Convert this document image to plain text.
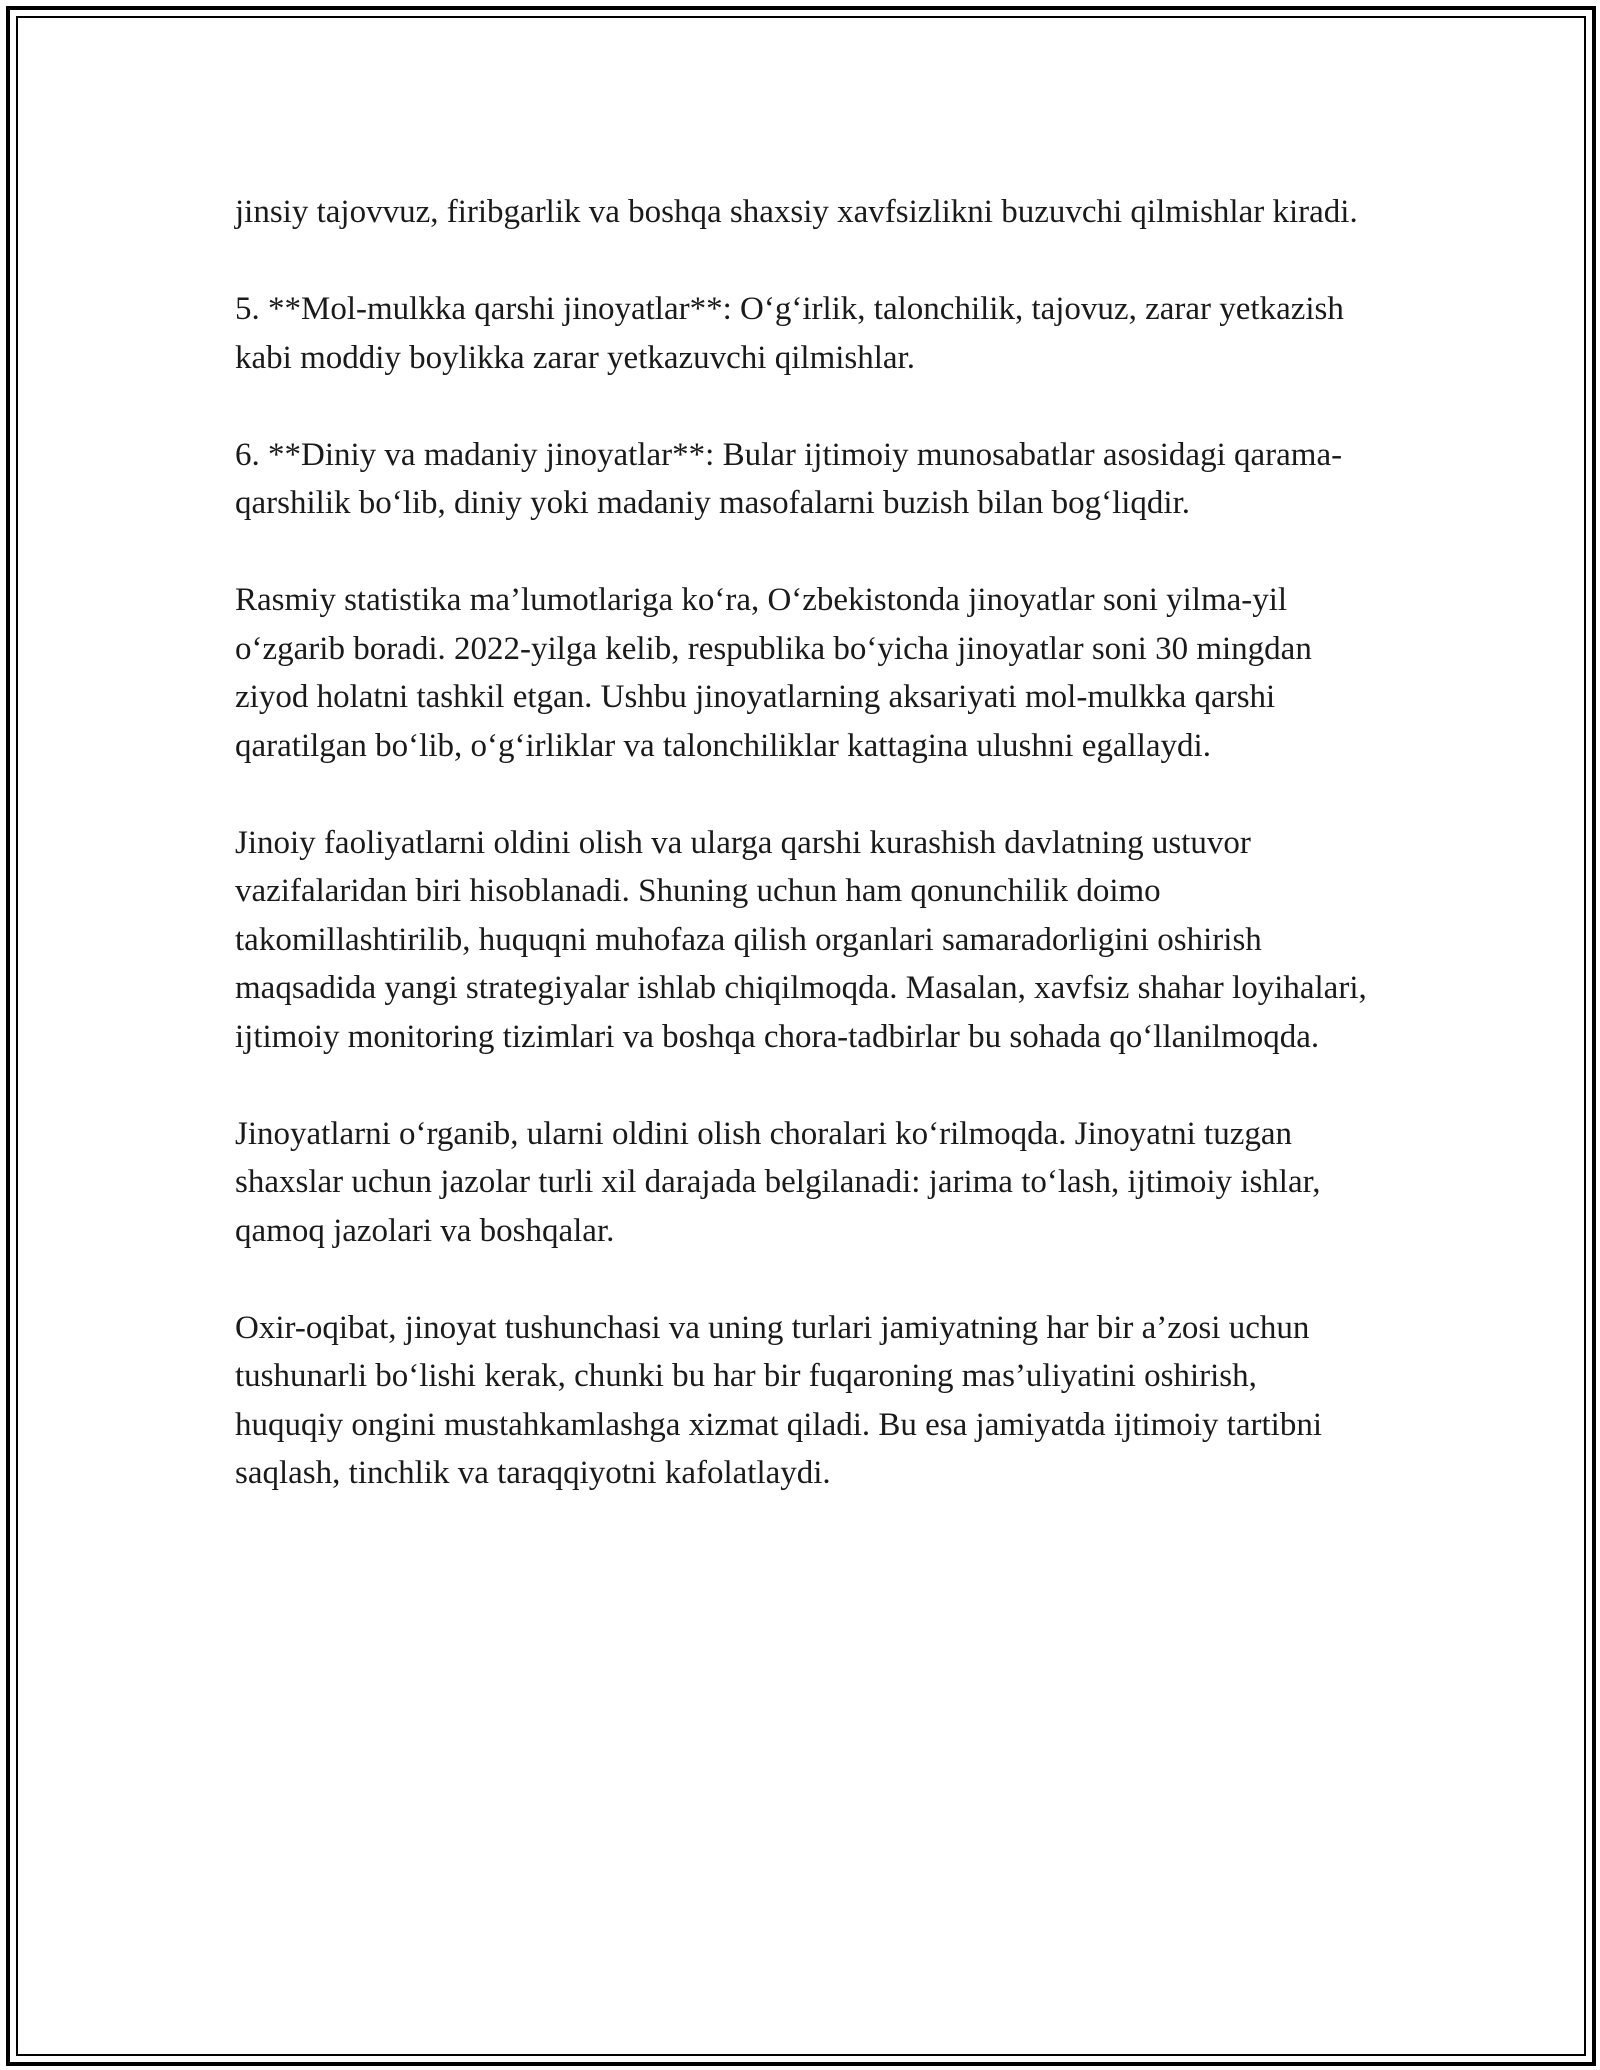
jinsiy tajovvuz, firibgarlik va boshqa shaxsiy xavfsizlikni buzuvchi qilmishlar kiradi.

5. **Mol-mulkka qarshi jinoyatlar**: O‘g‘irlik, talonchilik, tajovuz, zarar yetkazish kabi moddiy boylikka zarar yetkazuvchi qilmishlar.

6. **Diniy va madaniy jinoyatlar**: Bular ijtimoiy munosabatlar asosidagi qarama-qarshilik bo‘lib, diniy yoki madaniy masofalarni buzish bilan bog‘liqdir.

Rasmiy statistika ma’lumotlariga ko‘ra, O‘zbekistonda jinoyatlar soni yilma-yil o‘zgarib boradi. 2022-yilga kelib, respublika bo‘yicha jinoyatlar soni 30 mingdan ziyod holatni tashkil etgan. Ushbu jinoyatlarning aksariyati mol-mulkka qarshi qaratilgan bo‘lib, o‘g‘irliklar va talonchiliklar kattagina ulushni egallaydi.

Jinoiy faoliyatlarni oldini olish va ularga qarshi kurashish davlatning ustuvor vazifalaridan biri hisoblanadi. Shuning uchun ham qonunchilik doimo takomillashtirilib, huquqni muhofaza qilish organlari samaradorligini oshirish maqsadida yangi strategiyalar ishlab chiqilmoqda. Masalan, xavfsiz shahar loyihalari, ijtimoiy monitoring tizimlari va boshqa chora-tadbirlar bu sohada qo‘llanilmoqda.

Jinoyatlarni o‘rganib, ularni oldini olish choralari ko‘rilmoqda. Jinoyatni tuzgan shaxslar uchun jazolar turli xil darajada belgilanadi: jarima to‘lash, ijtimoiy ishlar, qamoq jazolari va boshqalar.

Oxir-oqibat, jinoyat tushunchasi va uning turlari jamiyatning har bir a’zosi uchun tushunarli bo‘lishi kerak, chunki bu har bir fuqaroning mas’uliyatini oshirish, huquqiy ongini mustahkamlashga xizmat qiladi. Bu esa jamiyatda ijtimoiy tartibni saqlash, tinchlik va taraqqiyotni kafolatlaydi.
